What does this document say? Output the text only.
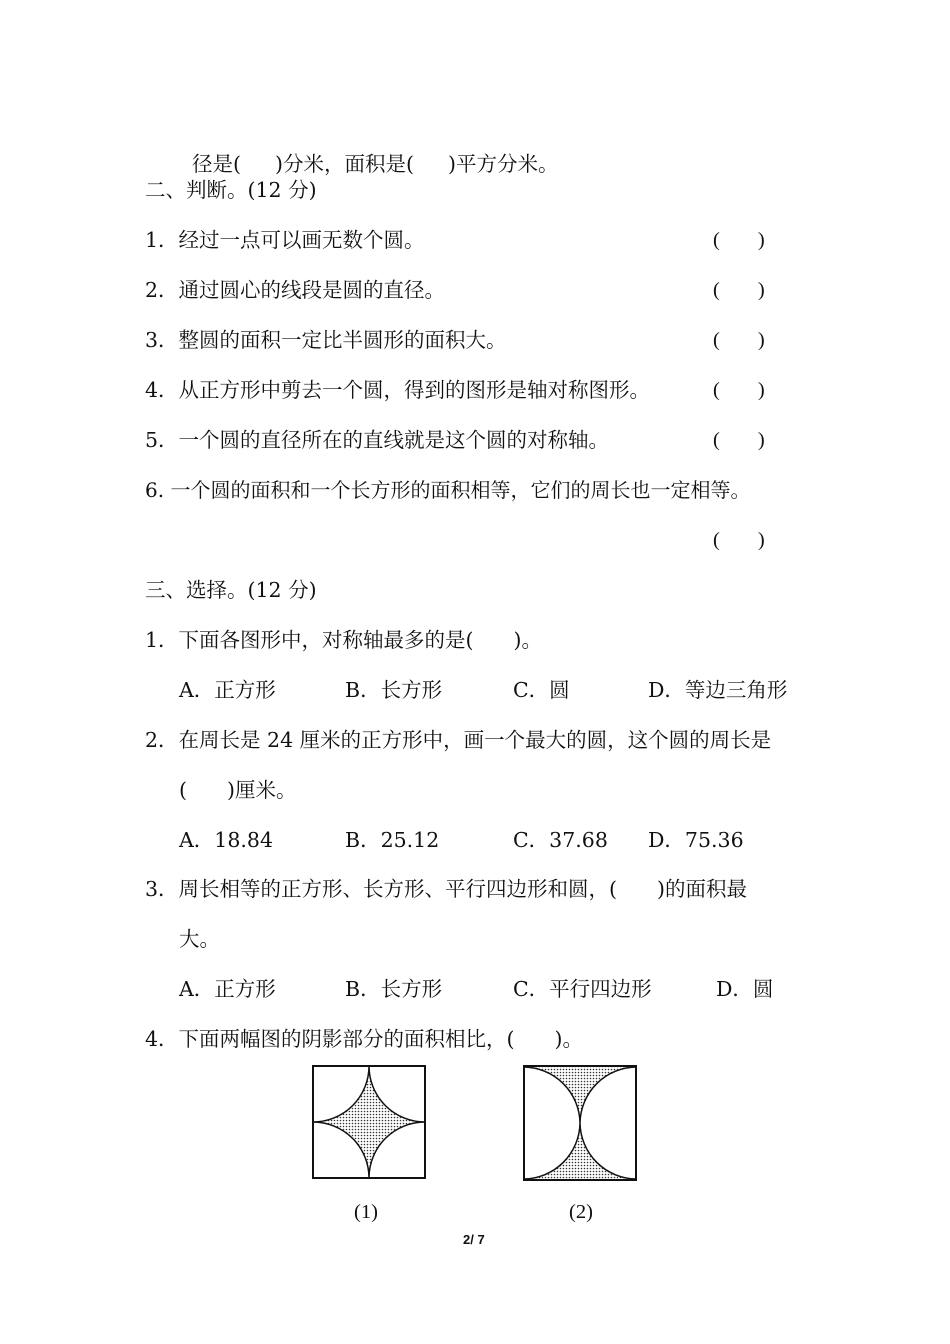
径是( )分米，面积是( )平方分米。

二、判断。(12 分)
1．经过一点可以画无数个圆。	( )
2．通过圆心的线段是圆的直径。	( )
3．整圆的面积一定比半圆形的面积大。	( )
4．从正方形中剪去一个圆，得到的图形是轴对称图形。	( )
5．一个圆的直径所在的直线就是这个圆的对称轴。	( )
6. 一个圆的面积和一个长方形的面积相等，它们的周长也一定相等。
( )
三、选择。(12 分)
1．下面各图形中，对称轴最多的是( )。
A．正方形	B．长方形	C．圆	D．等边三角形
2．在周长是 24 厘米的正方形中，画一个最大的圆，这个圆的周长是
( )厘米。
A．18.84	B．25.12	C．37.68 D．75.36
3．周长相等的正方形、长方形、平行四边形和圆，( )的面积最
大。
A．正方形	B．长方形	C．平行四边形	D．圆
4．下面两幅图的阴影部分的面积相比，( )。
(1)	(2)
2/ 7
